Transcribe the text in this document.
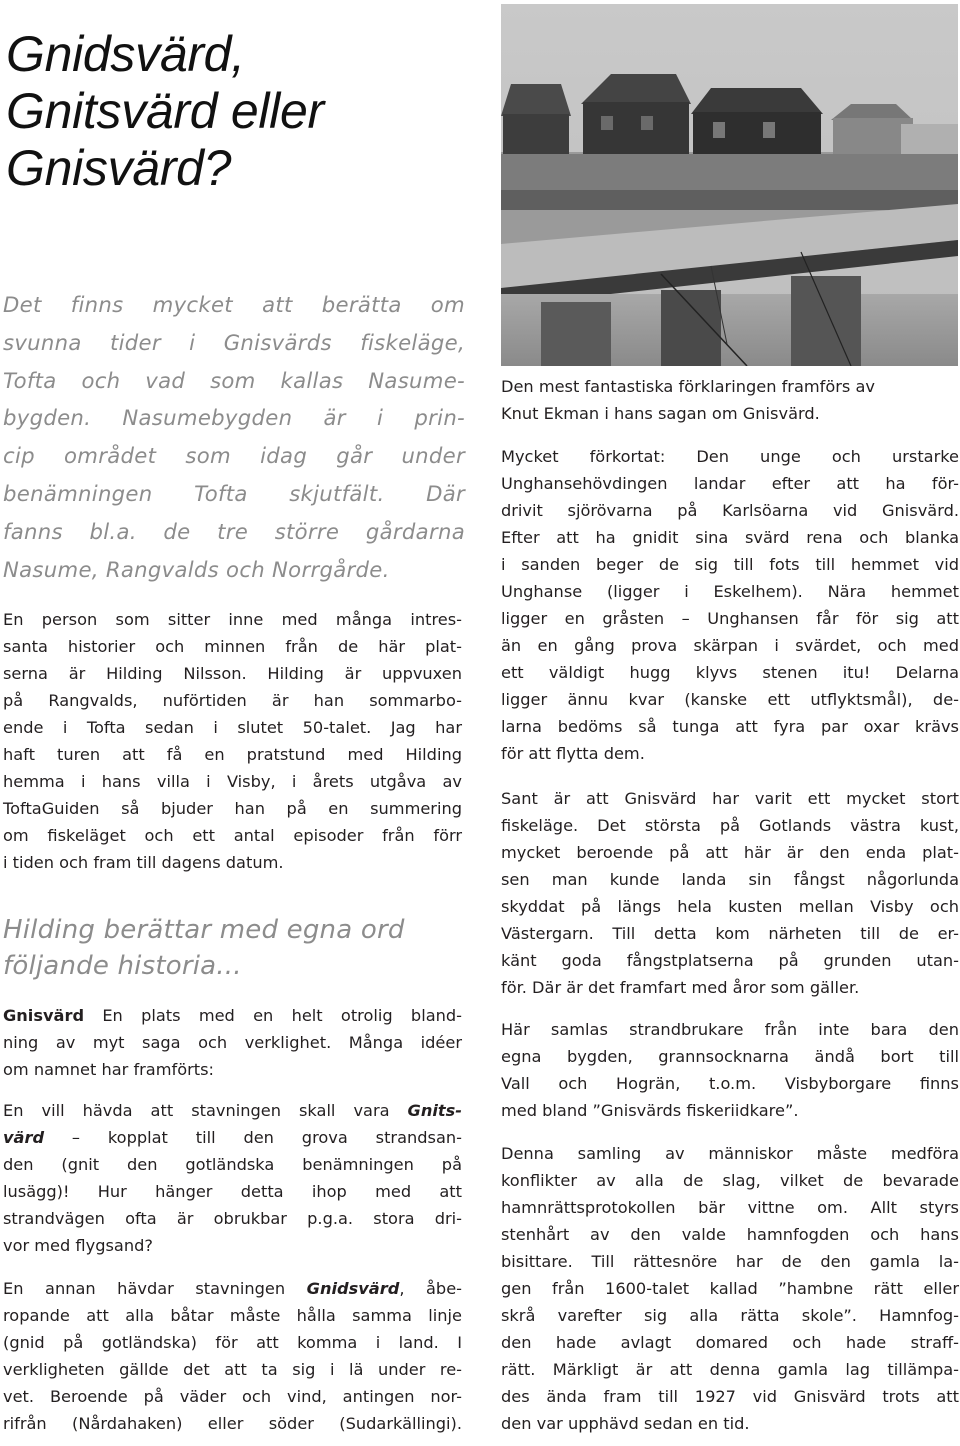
Gnidsvärd,
Gnitsvärd eller
Gnisvärd?

Det finns mycket att berätta om
svunna tider i Gnisvärds fiskeläge,
Tofta och vad som kallas Nasume-
bygden. Nasumebygden är i prin-
cip området som idag går under
benämningen Tofta skjutfält. Där
fanns bl.a. de tre större gårdarna
Nasume, Rangvalds och Norrgårde.

En person som sitter inne med många intres-
santa historier och minnen från de här plat-
serna är Hilding Nilsson. Hilding är uppvuxen
på Rangvalds, nuförtiden är han sommarbo-
ende i Tofta sedan i slutet 50-talet. Jag har
haft turen att få en pratstund med Hilding
hemma i hans villa i Visby, i årets utgåva av
ToftaGuiden så bjuder han på en summering
om fiskeläget och ett antal episoder från förr
i tiden och fram till dagens datum.

Hilding berättar med egna ord
följande historia...

Gnisvärd En plats med en helt otrolig bland-
ning av myt saga och verklighet. Många idéer
om namnet har framförts:

En vill hävda att stavningen skall vara Gnits-
värd – kopplat till den grova strandsan-
den (gnit den gotländska benämningen på
lusägg)! Hur hänger detta ihop med att
strandvägen ofta är obrukbar p.g.a. stora dri-
vor med flygsand?

En annan hävdar stavningen Gnidsvärd, åbe-
ropande att alla båtar måste hålla samma linje
(gnid på gotländska) för att komma i land. I
verkligheten gällde det att ta sig i lä under re-
vet. Beroende på väder och vind, antingen nor-
rifrån (Nårdahaken) eller söder (Sudarkällingi).

Den mest fantastiska förklaringen framförs av
Knut Ekman i hans sagan om Gnisvärd.

Mycket förkortat: Den unge och urstarke
Unghansehövdingen landar efter att ha för-
drivit sjörövarna på Karlsöarna vid Gnisvärd.
Efter att ha gnidit sina svärd rena och blanka
i sanden beger de sig till fots till hemmet vid
Unghanse (ligger i Eskelhem). Nära hemmet
ligger en gråsten – Unghansen får för sig att
än en gång prova skärpan i svärdet, och med
ett väldigt hugg klyvs stenen itu! Delarna
ligger ännu kvar (kanske ett utflyktsmål), de-
larna bedöms så tunga att fyra par oxar krävs
för att flytta dem.

Sant är att Gnisvärd har varit ett mycket stort
fiskeläge. Det största på Gotlands västra kust,
mycket beroende på att här är den enda plat-
sen man kunde landa sin fångst någorlunda
skyddat på längs hela kusten mellan Visby och
Västergarn. Till detta kom närheten till de er-
känt goda fångstplatserna på grunden utan-
för. Där är det framfart med åror som gäller.

Här samlas strandbrukare från inte bara den
egna bygden, grannsocknarna ändå bort till
Vall och Hogrän, t.o.m. Visbyborgare finns
med bland ”Gnisvärds fiskeriidkare”.

Denna samling av människor måste medföra
konflikter av alla de slag, vilket de bevarade
hamnrättsprotokollen bär vittne om. Allt styrs
stenhårt av den valde hamnfogden och hans
bisittare. Till rättesnöre har de den gamla la-
gen från 1600-talet kallad ”hambne rätt eller
skrå varefter sig alla rätta skole”. Hamnfog-
den hade avlagt domared och hade straff-
rätt. Märkligt är att denna gamla lag tillämpa-
des ända fram till 1927 vid Gnisvärd trots att
den var upphävd sedan en tid.
